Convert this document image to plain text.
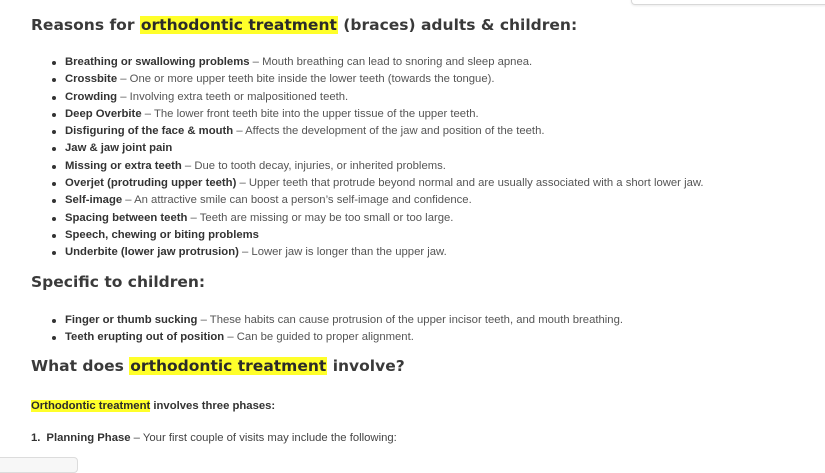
Reasons for orthodontic treatment (braces) adults & children:
Breathing or swallowing problems – Mouth breathing can lead to snoring and sleep apnea.
Crossbite – One or more upper teeth bite inside the lower teeth (towards the tongue).
Crowding – Involving extra teeth or malpositioned teeth.
Deep Overbite – The lower front teeth bite into the upper tissue of the upper teeth.
Disfiguring of the face & mouth – Affects the development of the jaw and position of the teeth.
Jaw & jaw joint pain
Missing or extra teeth – Due to tooth decay, injuries, or inherited problems.
Overjet (protruding upper teeth) – Upper teeth that protrude beyond normal and are usually associated with a short lower jaw.
Self-image – An attractive smile can boost a person’s self-image and confidence.
Spacing between teeth – Teeth are missing or may be too small or too large.
Speech, chewing or biting problems
Underbite (lower jaw protrusion) – Lower jaw is longer than the upper jaw.
Specific to children:
Finger or thumb sucking – These habits can cause protrusion of the upper incisor teeth, and mouth breathing.
Teeth erupting out of position – Can be guided to proper alignment.
What does orthodontic treatment involve?
Orthodontic treatment involves three phases:
1. Planning Phase – Your first couple of visits may include the following:
